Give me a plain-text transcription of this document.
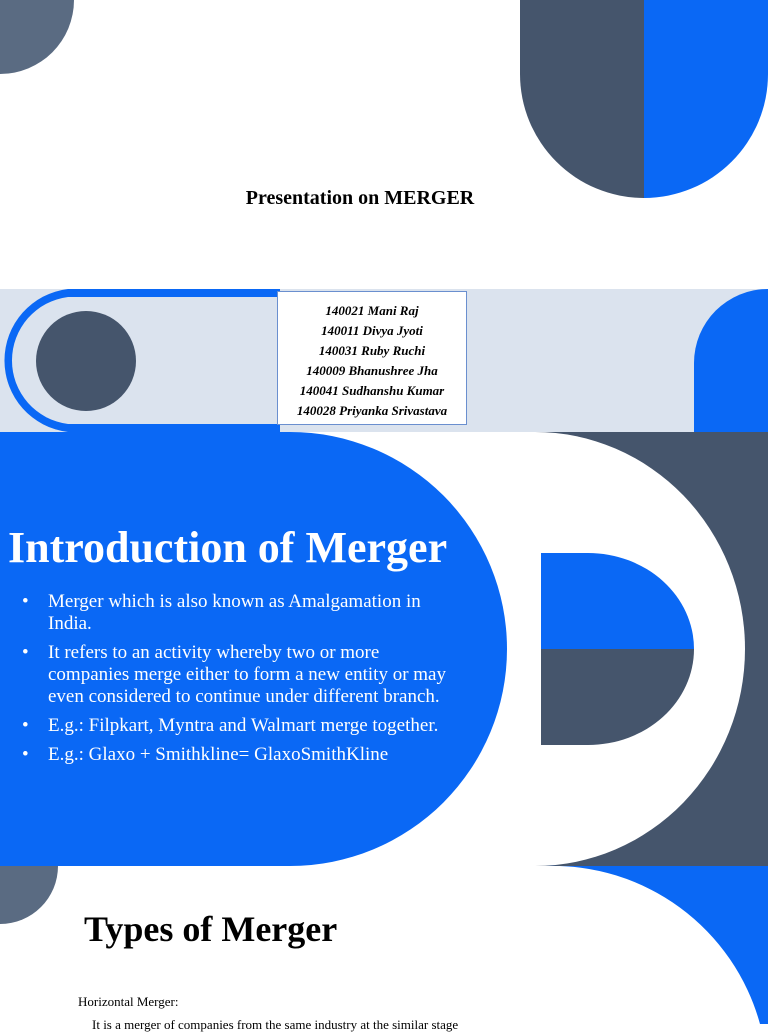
Presentation on MERGER
140021 Mani Raj
140011 Divya Jyoti
140031 Ruby Ruchi
140009 Bhanushree Jha
140041 Sudhanshu Kumar
140028 Priyanka Srivastava
Introduction of Merger
• Merger which is also known as Amalgamation in India.
• It refers to an activity whereby two or more companies merge either to form a new entity or may even considered to continue under different branch.
• E.g.: Filpkart, Myntra and Walmart merge together.
• E.g.: Glaxo + Smithkline= GlaxoSmithKline
Types of Merger
Horizontal Merger:
It is a merger of companies from the same industry at the similar stage
